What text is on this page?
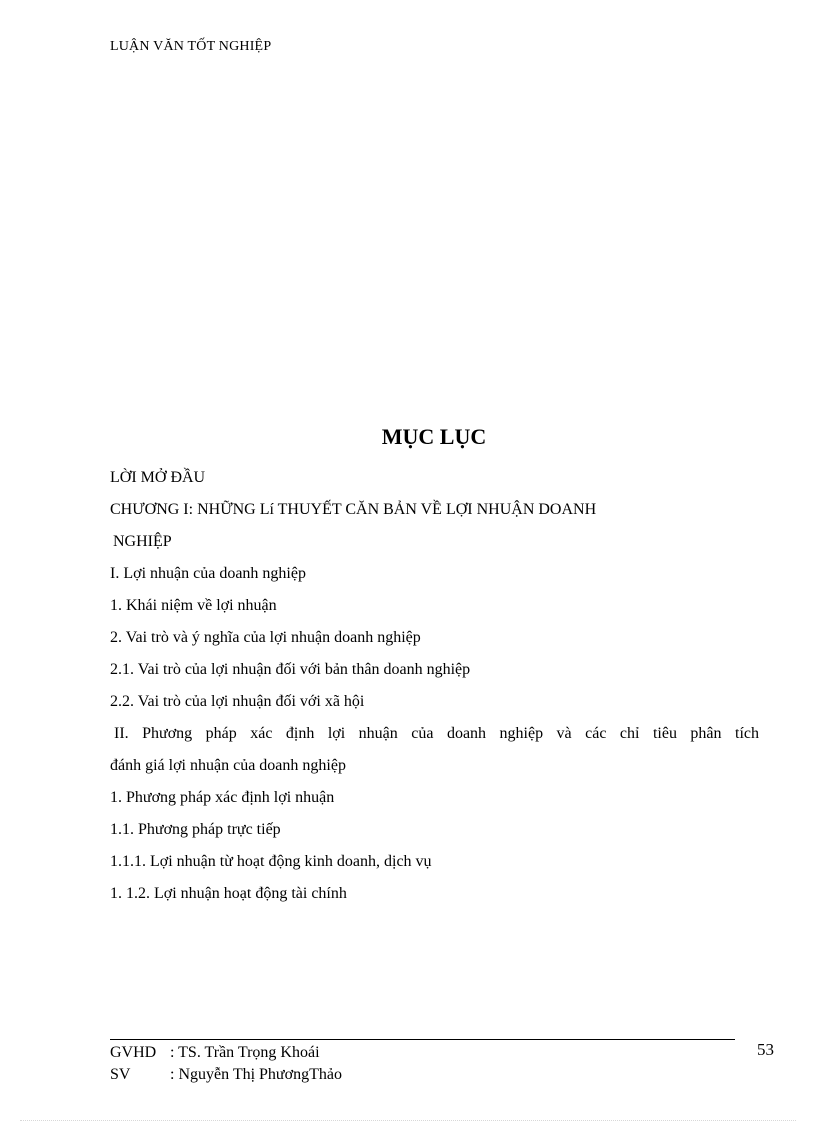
LUẬN VĂN TỐT NGHIỆP
MỤC LỤC
LỜI MỞ ĐẦU
CHƯƠNG I: NHỮNG Lí THUYẾT CĂN BẢN VỀ LỢI NHUẬN DOANH
NGHIỆP
I. Lợi nhuận của doanh nghiệp
1. Khái niệm về lợi nhuận
2. Vai trò và ý nghĩa của lợi nhuận doanh nghiệp
2.1. Vai trò của lợi nhuận đối với bản thân doanh nghiệp
2.2. Vai trò của lợi nhuận đối với xã hội
II. Phương pháp xác định lợi nhuận của doanh nghiệp và các chỉ tiêu phân tích
đánh giá lợi nhuận của doanh nghiệp
1. Phương pháp xác định lợi nhuận
1.1. Phương pháp trực tiếp
1.1.1. Lợi nhuận từ hoạt động kinh doanh, dịch vụ
1. 1.2. Lợi nhuận hoạt động tài chính
GVHD : TS. Trần Trọng Khoái
SV : Nguyễn Thị PhươngThảo
53
